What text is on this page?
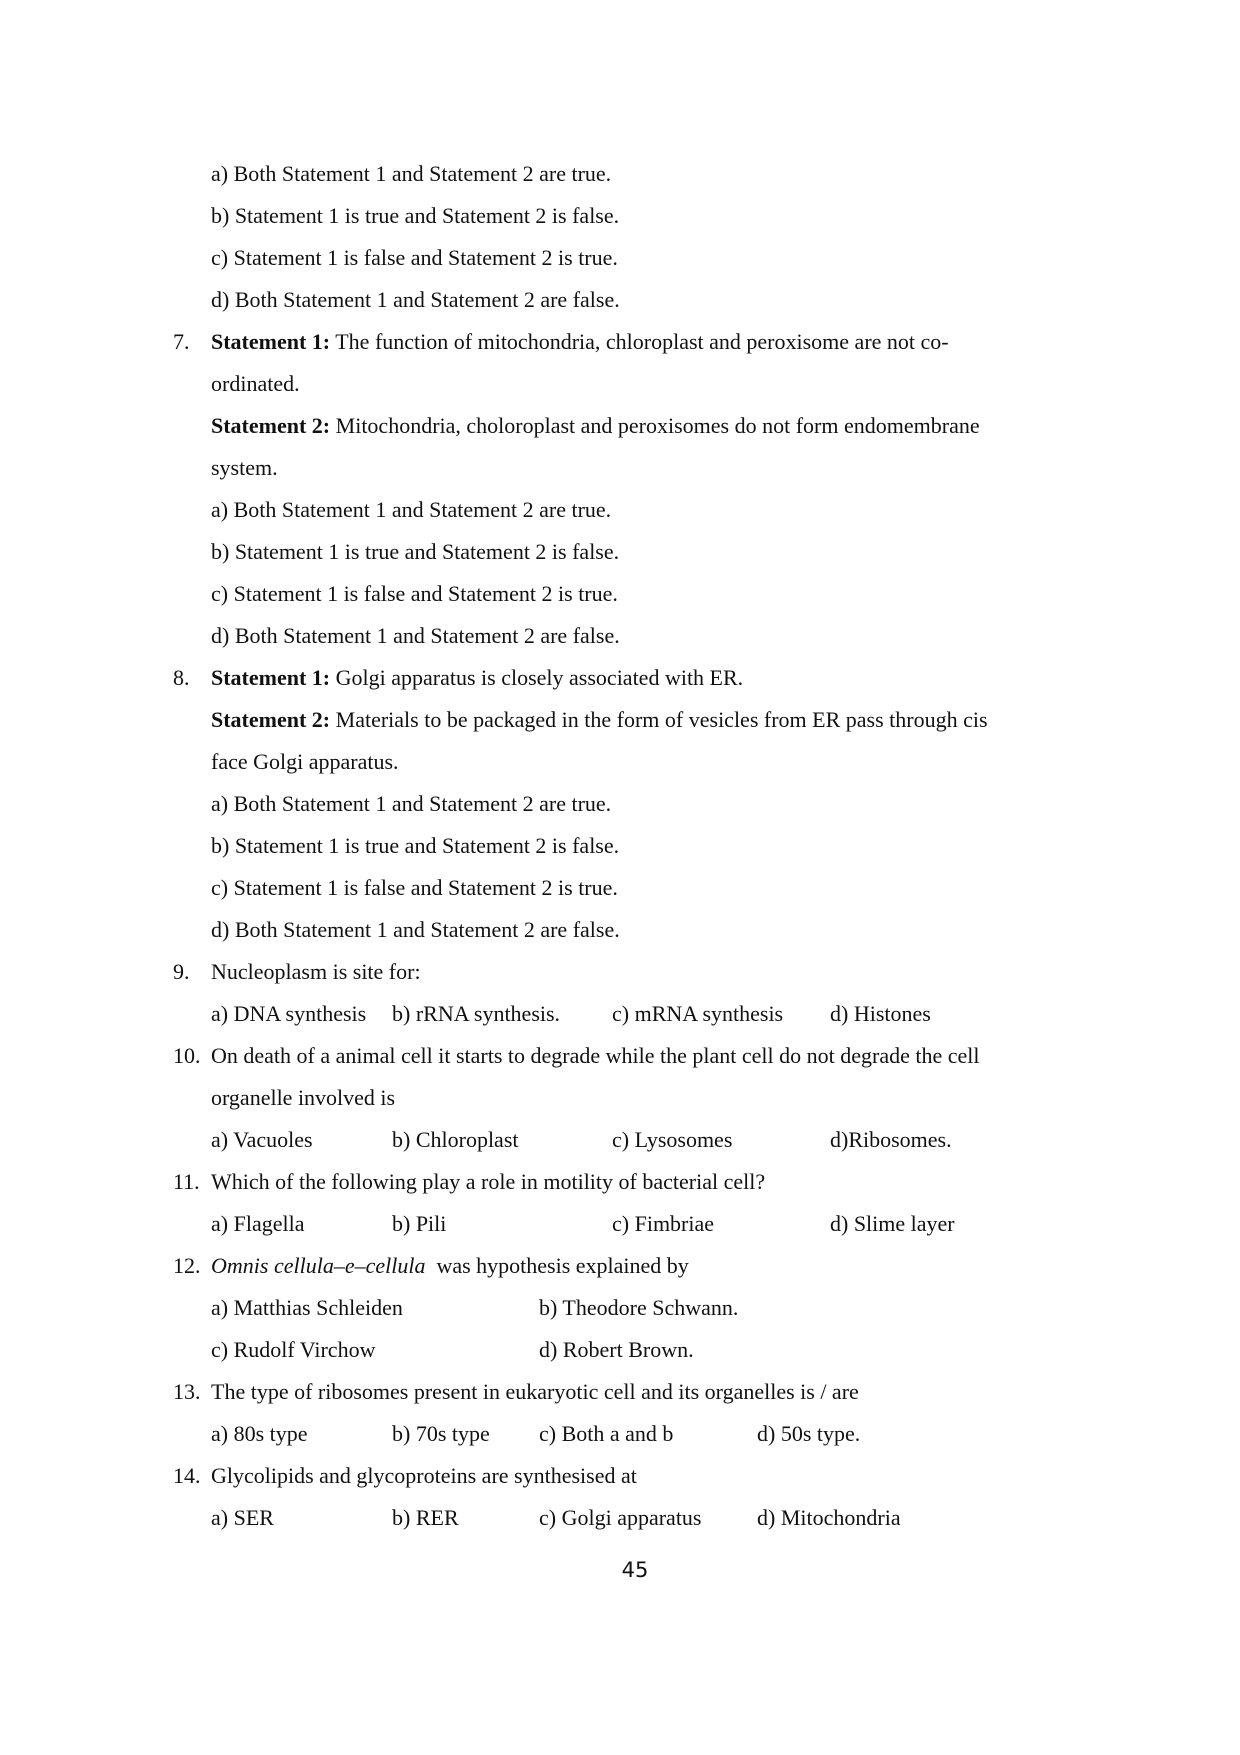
a) Both Statement 1 and Statement 2 are true.
b) Statement 1 is true and Statement 2 is false.
c) Statement 1 is false and Statement 2 is true.
d) Both Statement 1 and Statement 2 are false.
7. Statement 1: The function of mitochondria, chloroplast and peroxisome are not co-
ordinated.
Statement 2: Mitochondria, choloroplast and peroxisomes do not form endomembrane
system.
a) Both Statement 1 and Statement 2 are true.
b) Statement 1 is true and Statement 2 is false.
c) Statement 1 is false and Statement 2 is true.
d) Both Statement 1 and Statement 2 are false.
8. Statement 1: Golgi apparatus is closely associated with ER.
Statement 2: Materials to be packaged in the form of vesicles from ER pass through cis
face Golgi apparatus.
a) Both Statement 1 and Statement 2 are true.
b) Statement 1 is true and Statement 2 is false.
c) Statement 1 is false and Statement 2 is true.
d) Both Statement 1 and Statement 2 are false.
9. Nucleoplasm is site for:
a) DNA synthesis b) rRNA synthesis. c) mRNA synthesis d) Histones
10. On death of a animal cell it starts to degrade while the plant cell do not degrade the cell
organelle involved is
a) Vacuoles	b) Chloroplast	c) Lysosomes	d)Ribosomes.
11. Which of the following play a role in motility of bacterial cell?
a) Flagella	b) Pili	c) Fimbriae	d) Slime layer
12. Omnis cellula–e–cellula  was hypothesis explained by
a) Matthias Schleiden	b) Theodore Schwann.
c) Rudolf Virchow	d) Robert Brown.
13. The type of ribosomes present in eukaryotic cell and its organelles is / are
a) 80s type	b) 70s type c) Both a and b	d) 50s type.
14. Glycolipids and glycoproteins are synthesised at
a) SER	b) RER	c) Golgi apparatus	d) Mitochondria
45
